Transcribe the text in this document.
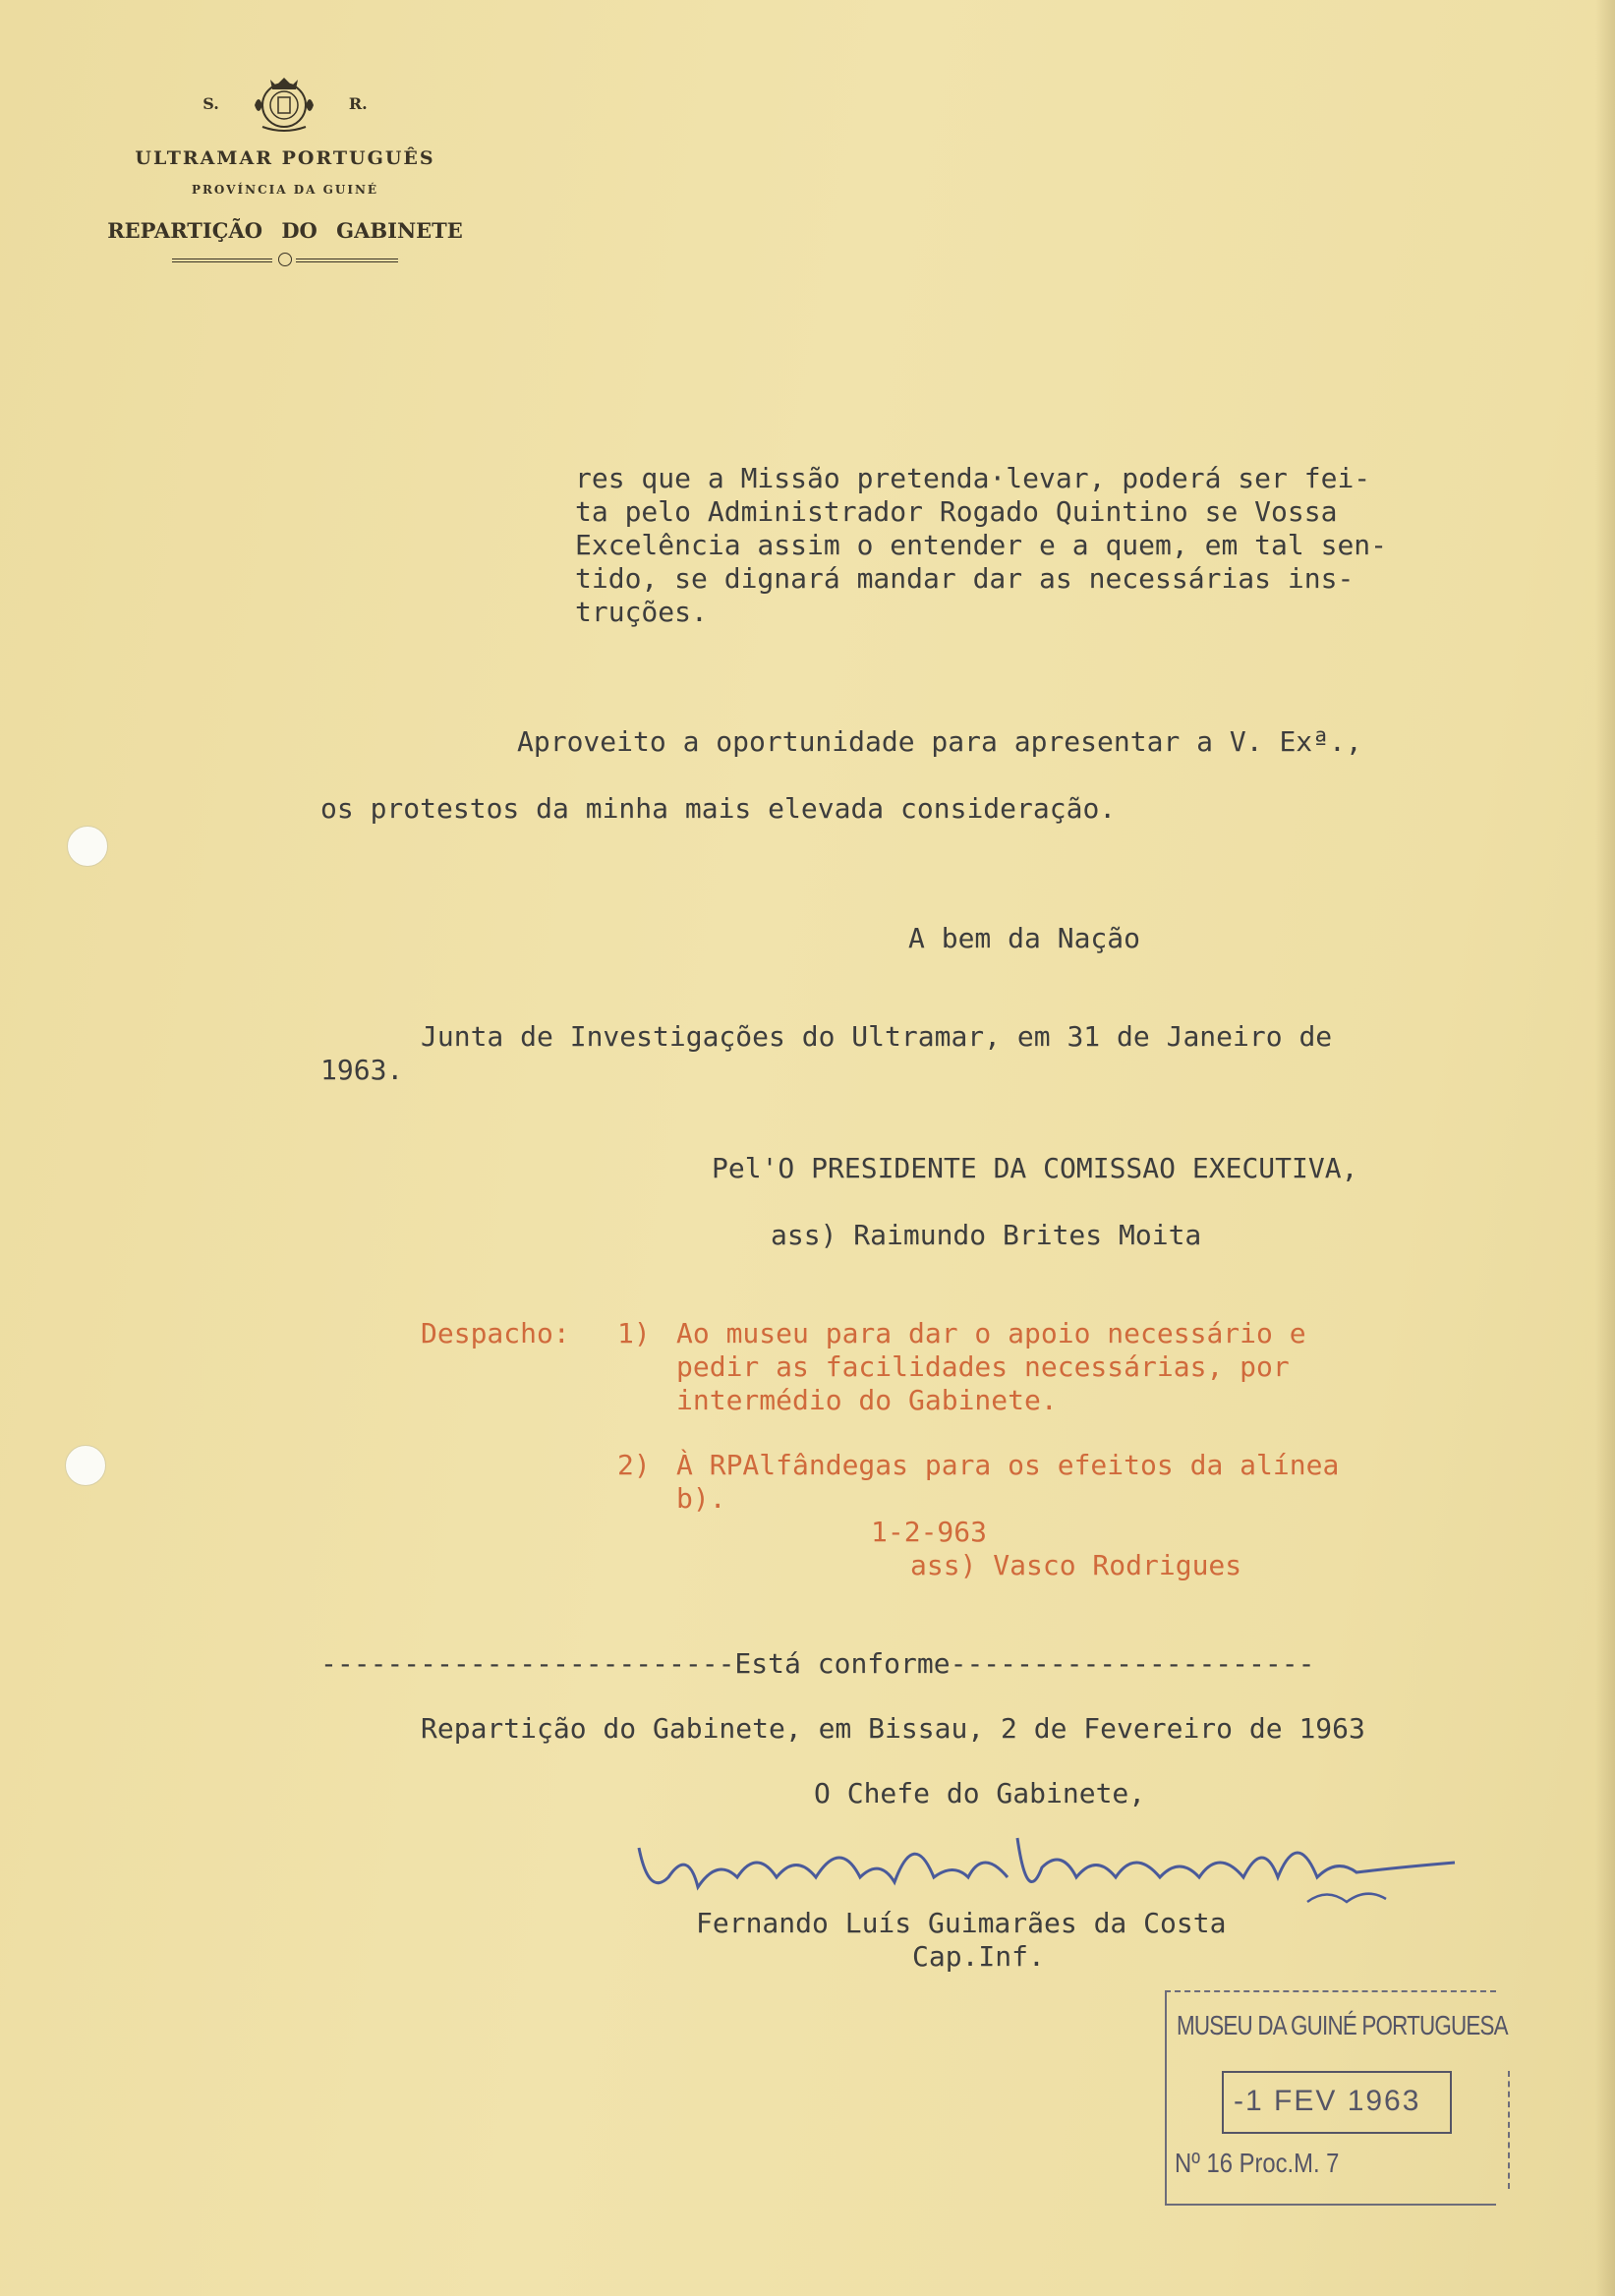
S.	R.
ULTRAMAR PORTUGUÊS
PROVÍNCIA DA GUINÉ
REPARTIÇÃO DO GABINETE
res que a Missão pretenda·levar, poderá ser fei-
ta pelo Administrador Rogado Quintino se Vossa
Excelência assim o entender e a quem, em tal sen-
tido, se dignará mandar dar as necessárias ins-
truções.
Aproveito a oportunidade para apresentar a V. Exª.,
os protestos da minha mais elevada consideração.
A bem da Nação
Junta de Investigações do Ultramar, em 31 de Janeiro de
1963.
Pel'O PRESIDENTE DA COMISSAO EXECUTIVA,
ass) Raimundo Brites Moita
Despacho: 1) Ao museu para dar o apoio necessário e
pedir as facilidades necessárias, por
intermédio do Gabinete.
2) À RPAlfândegas para os efeitos da alínea
b).
1-2-963
ass) Vasco Rodrigues
-------------------------Está conforme----------------------
Repartição do Gabinete, em Bissau, 2 de Fevereiro de 1963
O Chefe do Gabinete,
Fernando Luís Guimarães da Costa
Cap.Inf.
MUSEU DA GUINÉ PORTUGUESA
-1 FEV 1963
Nº 16 Proc.M. 7
